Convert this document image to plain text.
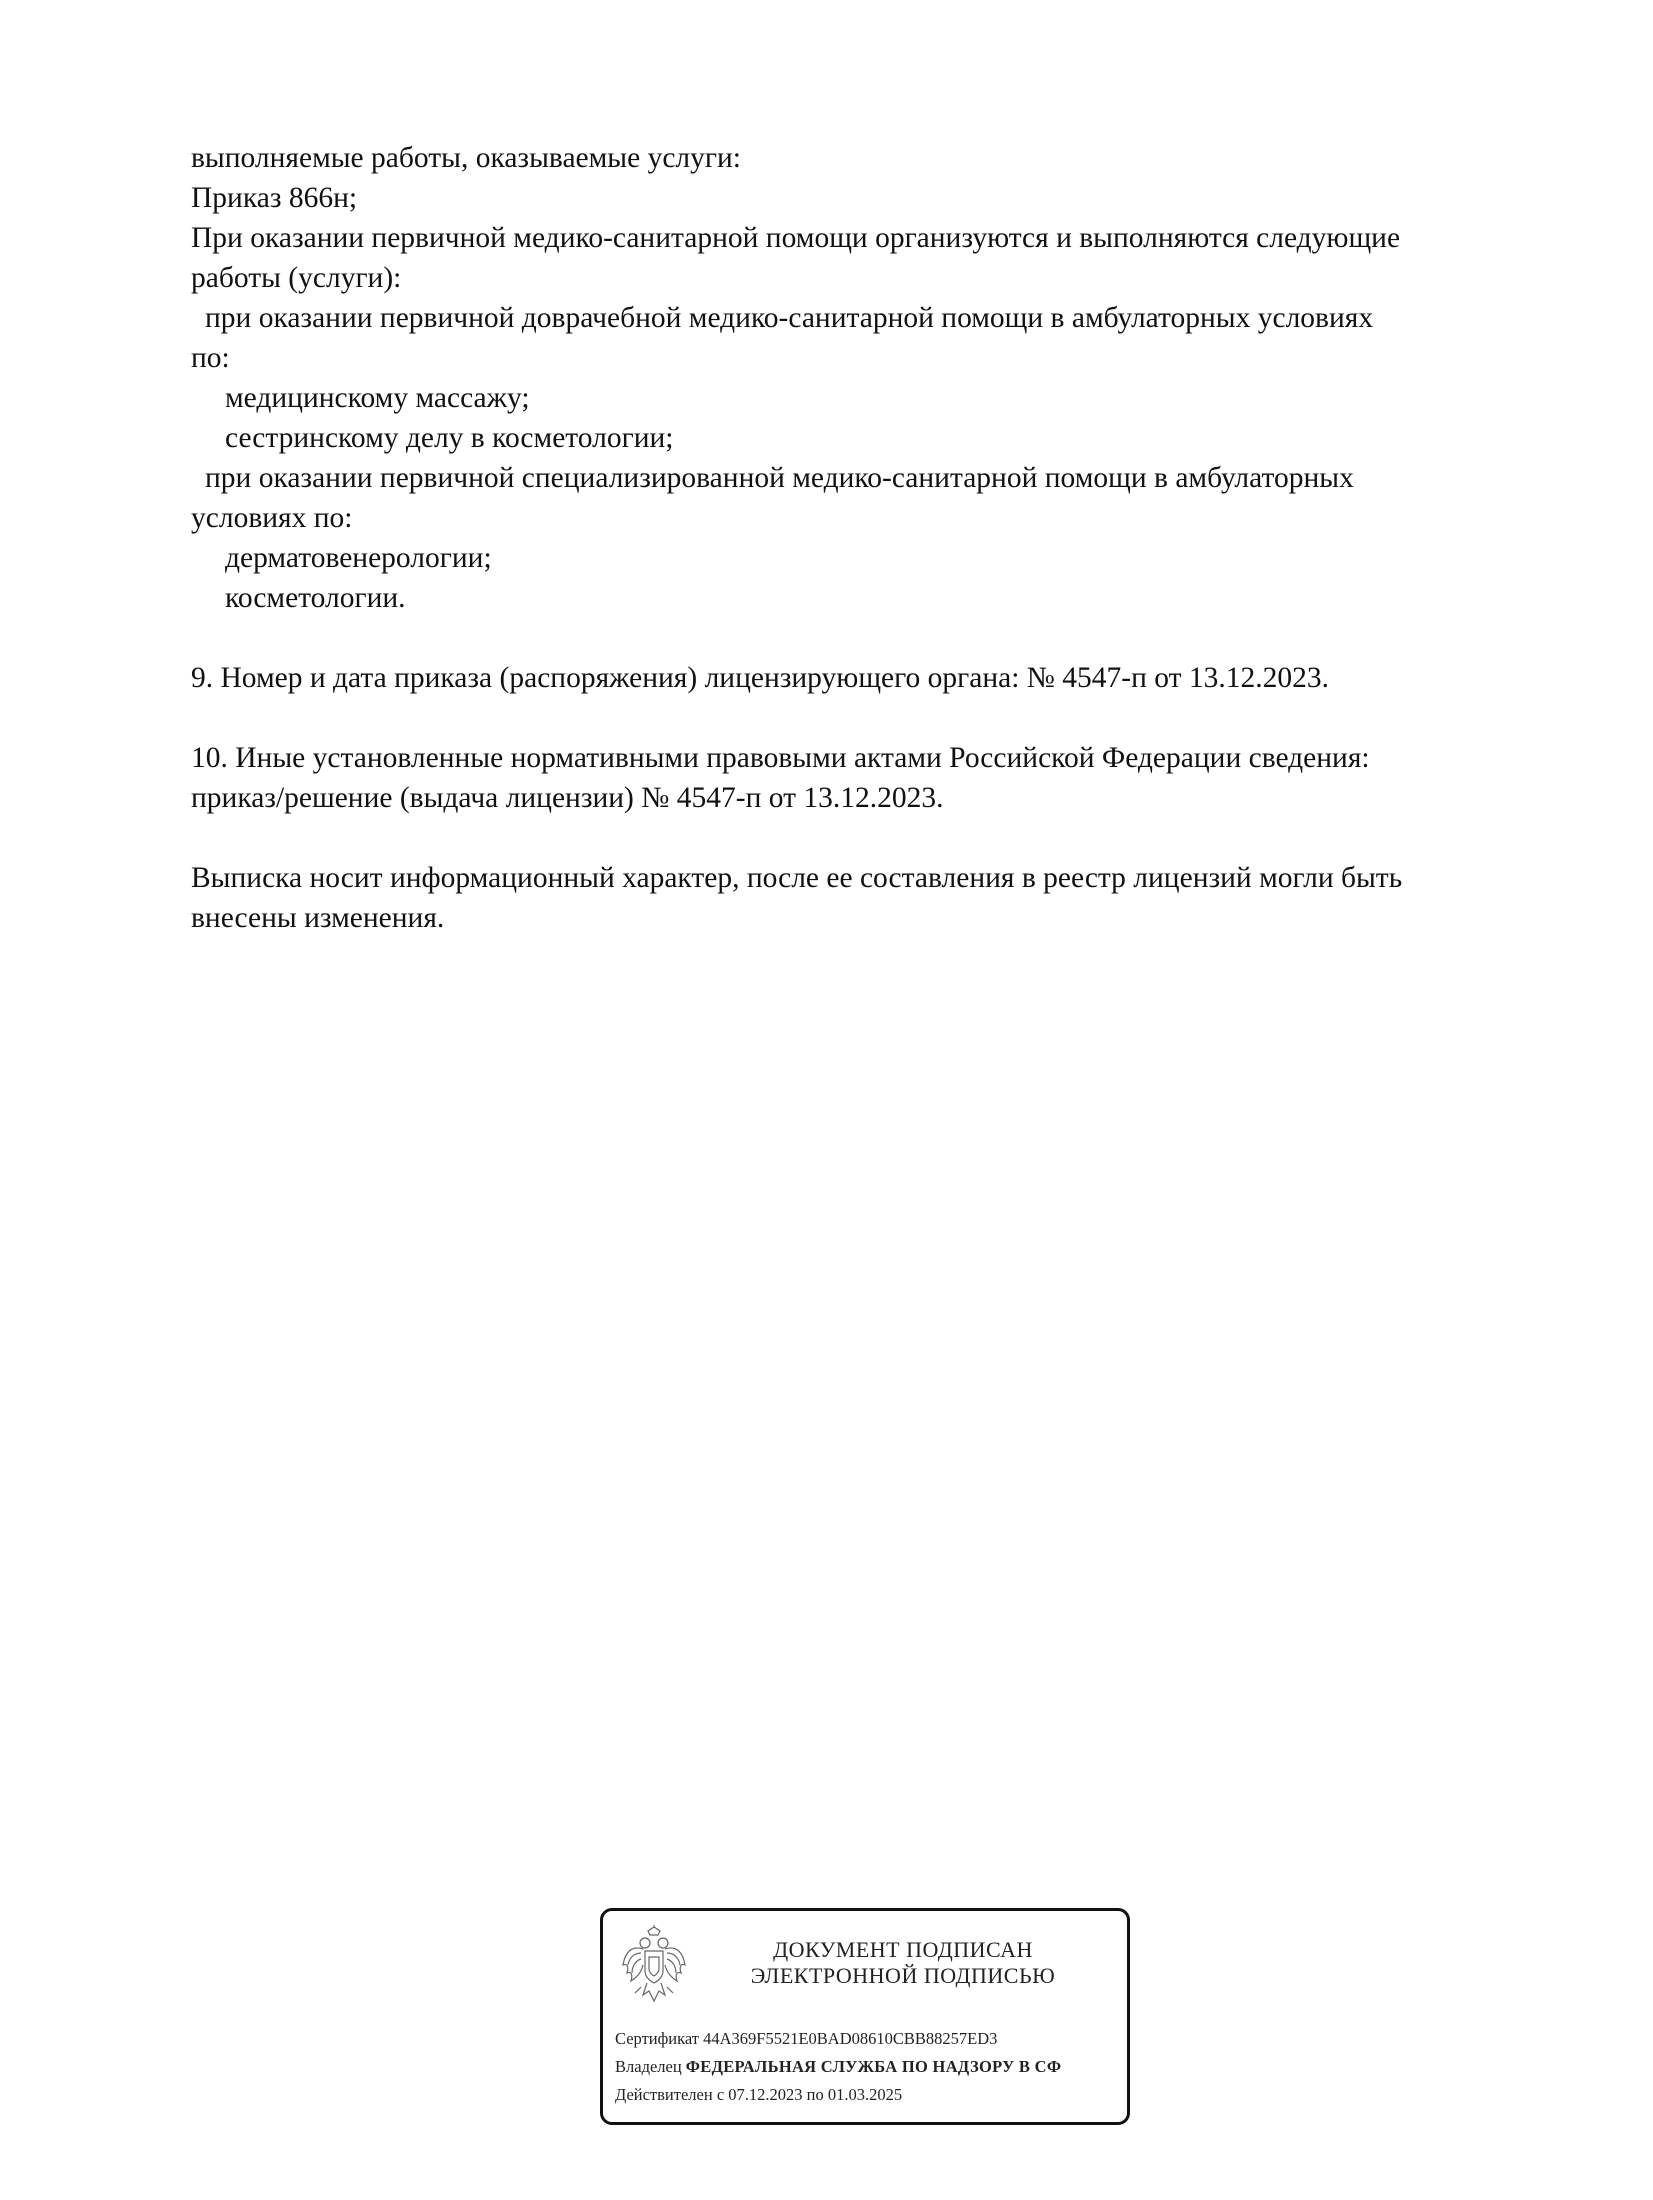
выполняемые работы, оказываемые услуги:
Приказ 866н;
При оказании первичной медико-санитарной помощи организуются и выполняются следующие
работы (услуги):
при оказании первичной доврачебной медико-санитарной помощи в амбулаторных условиях
по:
медицинскому массажу;
сестринскому делу в косметологии;
при оказании первичной специализированной медико-санитарной помощи в амбулаторных
условиях по:
дерматовенерологии;
косметологии.
9. Номер и дата приказа (распоряжения) лицензирующего органа: № 4547-п от 13.12.2023.
10. Иные установленные нормативными правовыми актами Российской Федерации сведения:
приказ/решение (выдача лицензии) № 4547-п от 13.12.2023.
Выписка носит информационный характер, после ее составления в реестр лицензий могли быть
внесены изменения.
ДОКУМЕНТ ПОДПИСАН
ЭЛЕКТРОННОЙ ПОДПИСЬЮ
Сертификат 44A369F5521E0BAD08610CBB88257ED3
Владелец ФЕДЕРАЛЬНАЯ СЛУЖБА ПО НАДЗОРУ В СФ
Действителен с 07.12.2023 по 01.03.2025
